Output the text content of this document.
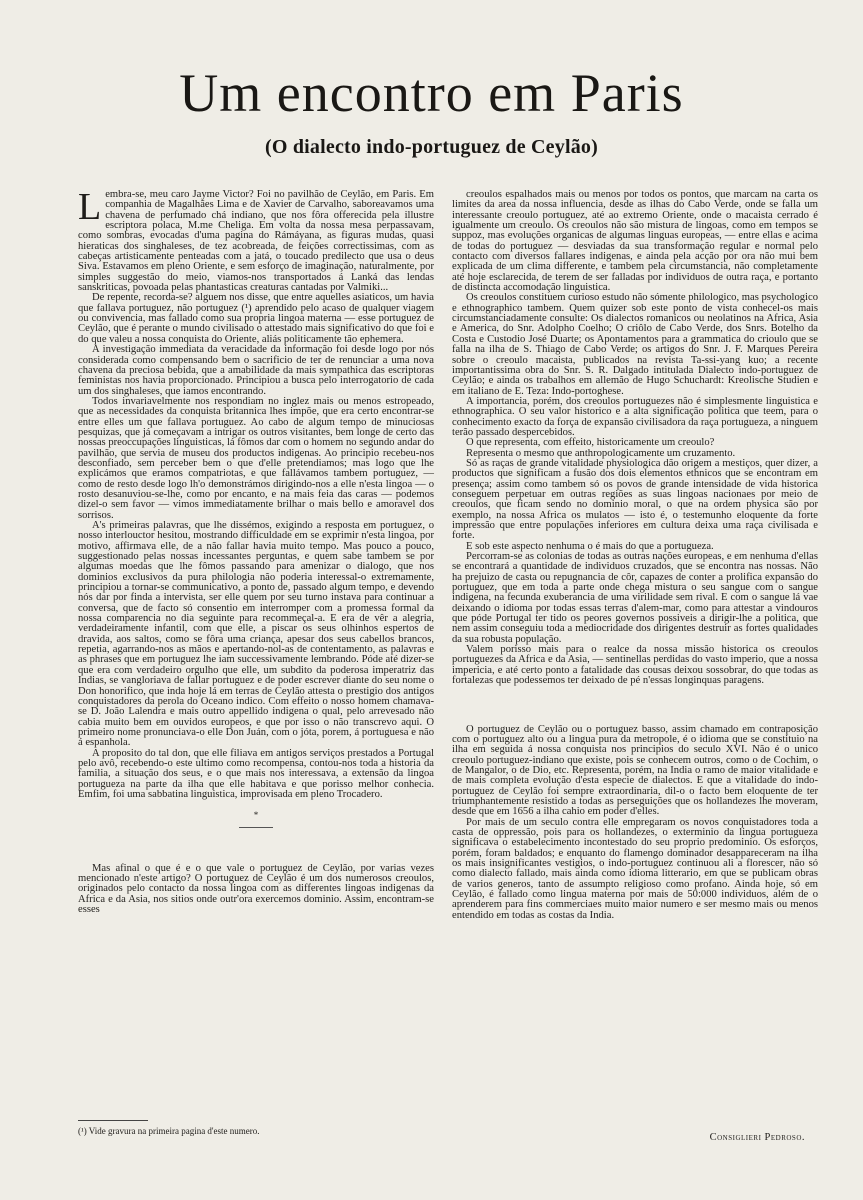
Um encontro em Paris
(O dialecto indo-portuguez de Ceylão)

Lembra-se, meu caro Jayme Victor? Foi no pavilhão de Ceylão, em Paris. Em companhia de Magalhães Lima e de Xavier de Carvalho, saboreavamos uma chavena de perfumado chá indiano, que nos fôra offerecida pela illustre escriptora polaca, M.me Cheliga. Em volta da nossa mesa perpassavam, como sombras, evocadas d'uma pagina do Rámáyana, as figuras mudas, quasi hieraticas dos singhaleses, de tez acobreada, de feições correctissimas, com as cabeças artisticamente penteadas com a jatá, o toucado predilecto que usa o deus Siva. Estavamos em pleno Oriente, e sem esforço de imaginação, naturalmente, por simples suggestão do meio, viamos-nos transportados á Lanká das lendas sanskriticas, povoada pelas phantasticas creaturas cantadas por Valmiki...

De repente, recorda-se? alguem nos disse, que entre aquelles asiaticos, um havia que fallava portuguez, não portuguez (¹) aprendido pelo acaso de qualquer viagem ou convivencia, mas fallado como sua propria lingoa materna — esse portuguez de Ceylão, que é perante o mundo civilisado o attestado mais significativo do que foi e do que valeu a nossa conquista do Oriente, aliás politicamente tão ephemera.

A investigação immediata da veracidade da informação foi desde logo por nós considerada como compensando bem o sacrificio de ter de renunciar a uma nova chavena da preciosa bebida, que a amabilidade da mais sympathica das escriptoras feministas nos havia proporcionado. Principiou a busca pelo interrogatorio de cada um dos singhaleses, que iamos encontrando.

Todos invariavelmente nos respondiam no inglez mais ou menos estropeado, que as necessidades da conquista britannica lhes impõe, que era certo encontrar-se entre elles um que fallava portuguez. Ao cabo de algum tempo de minuciosas pesquizas, que já começavam a intrigar os outros visitantes, bem longe de certo das nossas preoccupações linguisticas, lá fômos dar com o homem no segundo andar do pavilhão, que servia de museu dos productos indigenas. Ao principio recebeu-nos desconfiado, sem perceber bem o que d'elle pretendiamos; mas logo que lhe explicámos que eramos compatriotas, e que fallávamos tambem portuguez, — como de resto desde logo lh'o demonstrámos dirigindo-nos a elle n'esta lingoa — o rosto desanuviou-se-lhe, como por encanto, e na mais feia das caras — podemos dizel-o sem favor — vimos immediatamente brilhar o mais bello e amoravel dos sorrisos.

A's primeiras palavras, que lhe dissémos, exigindo a resposta em portuguez, o nosso interlouctor hesitou, mostrando difficuldade em se exprimir n'esta lingoa, por motivo, affirmava elle, de a não fallar havia muito tempo. Mas pouco a pouco, suggestionado pelas nossas incessantes perguntas, e quem sabe tambem se por algumas moedas que lhe fômos passando para amenizar o dialogo, que nos dominios exclusivos da pura philologia não poderia interessal-o extremamente, principiou a tornar-se communicativo, a ponto de, passado algum tempo, e devendo nós dar por finda a intervista, ser elle quem por seu turno instava para continuar a conversa, que de facto só consentio em interromper com a promessa formal da nossa comparencia no dia seguinte para recommeçal-a. E era de vêr a alegria, verdadeiramente infantil, com que elle, a piscar os seus olhinhos espertos de dravida, aos saltos, como se fôra uma criança, apesar dos seus cabellos brancos, repetia, agarrando-nos as mãos e apertando-nol-as de contentamento, as palavras e as phrases que em portuguez lhe iam successivamente lembrando. Póde até dizer-se que era com verdadeiro orgulho que elle, um subdito da poderosa imperatriz das Indias, se vangloriava de fallar portuguez e de poder escrever diante do seu nome o Don honorifico, que inda hoje lá em terras de Ceylão attesta o prestigio dos antigos conquistadores da perola do Oceano indico. Com effeito o nosso homem chamava-se D. João Lalendra e mais outro appellido indigena o qual, pelo arrevesado não cabia muito bem em ouvidos europeos, e que por isso o não transcrevo aqui. O primeiro nome pronunciava-o elle Don Juán, com o jóta, porem, á portuguesa e não á espanhola.

A proposito do tal don, que elle filiava em antigos serviços prestados a Portugal pelo avô, recebendo-o este ultimo como recompensa, contou-nos toda a historia da familia, a situação dos seus, e o que mais nos interessava, a extensão da lingoa portugueza na parte da ilha que elle habitava e que porisso melhor conhecia. Emfim, foi uma sabbatina linguistica, improvisada em pleno Trocadero.

*

Mas afinal o que é e o que vale o portuguez de Ceylão, por varias vezes mencionado n'este artigo? O portuguez de Ceylão é um dos numerosos creoulos, originados pelo contacto da nossa lingoa com as differentes lingoas indigenas da Africa e da Asia, nos sitios onde outr'ora exercemos dominio. Assim, encontram-se esses

creoulos espalhados mais ou menos por todos os pontos, que marcam na carta os limites da area da nossa influencia, desde as ilhas do Cabo Verde, onde se falla um interessante creoulo portuguez, até ao extremo Oriente, onde o macaista cerrado é igualmente um creoulo. Os creoulos não são mistura de lingoas, como em tempos se suppoz, mas evoluções organicas de algumas linguas europeas, — entre ellas e acima de todas do portuguez — desviadas da sua transformação regular e normal pelo contacto com diversos fallares indigenas, e ainda pela acção por ora não mui bem explicada de um clima differente, e tambem pela circumstancia, não completamente até hoje esclarecida, de terem de ser falladas por individuos de outra raça, e portanto de distincta accomodação linguistica.

Os creoulos constituem curioso estudo não sómente philologico, mas psychologico e ethnographico tambem. Quem quizer sob este ponto de vista conhecel-os mais circumstanciadamente consulte: Os dialectos romanicos ou neolatinos na Africa, Asia e America, do Snr. Adolpho Coelho; O criôlo de Cabo Verde, dos Snrs. Botelho da Costa e Custodio José Duarte; os Apontamentos para a grammatica do crioulo que se falla na ilha de S. Thiago de Cabo Verde; os artigos do Snr. J. F. Marques Pereira sobre o creoulo macaista, publicados na revista Ta-ssi-yang kuo; a recente importantissima obra do Snr. S. R. Dalgado intitulada Dialecto indo-portuguez de Ceylão; e ainda os trabalhos em allemão de Hugo Schuchardt: Kreolische Studien e em italiano de E. Teza: Indo-portoghese.

A importancia, porém, dos creoulos portuguezes não é simplesmente linguistica e ethnographica. O seu valor historico e a alta significação politica que teem, para o conhecimento exacto da força de expansão civilisadora da raça portugueza, a ninguem terão passado despercebidos.

O que representa, com effeito, historicamente um creoulo?

Representa o mesmo que anthropologicamente um cruzamento.

Só as raças de grande vitalidade physiologica dão origem a mestiços, quer dizer, a productos que significam a fusão dos dois elementos ethnicos que se encontram em presença; assim como tambem só os povos de grande intensidade de vida historica conseguem perpetuar em outras regiões as suas lingoas nacionaes por meio de creoulos, que ficam sendo no dominio moral, o que na ordem physica são por exemplo, na nossa Africa os mulatos — isto é, o testemunho eloquente da forte impressão que entre populações inferiores em cultura deixa uma raça civilisada e forte.

E sob este aspecto nenhuma o é mais do que a portugueza.

Percorram-se as colonias de todas as outras nações europeas, e em nenhuma d'ellas se encontrará a quantidade de individuos cruzados, que se encontra nas nossas. Não ha prejuizo de casta ou repugnancia de côr, capazes de conter a prolifica expansão do portuguez, que em toda a parte onde chega mistura o seu sangue com o sangue indigena, na fecunda exuberancia de uma virilidade sem rival. E com o sangue lá vae deixando o idioma por todas essas terras d'alem-mar, como para attestar a vindouros que póde Portugal ter tido os peores governos possiveis a dirigir-lhe a politica, que nem assim conseguiu toda a mediocridade dos dirigentes destruir as fortes qualidades da sua robusta população.

Valem porisso mais para o realce da nossa missão historica os creoulos portuguezes da Africa e da Asia, — sentinellas perdidas do vasto imperio, que a nossa impericia, e até certo ponto a fatalidade das cousas deixou sossobrar, do que todas as fortalezas que podessemos ter deixado de pé n'essas longinquas paragens.

O portuguez de Ceylão ou o portuguez basso, assim chamado em contraposição com o portuguez alto ou a lingua pura da metropole, é o idioma que se constituio na ilha em seguida á nossa conquista nos principios do seculo XVI. Não é o unico creoulo portuguez-indiano que existe, pois se conhecem outros, como o de Cochim, o de Mangalor, o de Dio, etc. Representa, porém, na India o ramo de maior vitalidade e de mais completa evolução d'esta especie de dialectos. E que a vitalidade do indo-portuguez de Ceylão foi sempre extraordinaria, dil-o o facto bem eloquente de ter triumphantemente resistido a todas as perseguições que os hollandezes lhe moveram, desde que em 1656 a ilha cahio em poder d'elles.

Por mais de um seculo contra elle empregaram os novos conquistadores toda a casta de oppressão, pois para os hollandezes, o exterminio da lingua portugueza significava o estabelecimento incontestado do seu proprio predominio. Os esforços, porém, foram baldados; e enquanto do flamengo dominador desappareceram na ilha os mais insignificantes vestigios, o indo-portuguez continuou ali a florescer, não só como dialecto fallado, mais ainda como idioma litterario, em que se publicam obras de varios generos, tanto de assumpto religioso como profano. Ainda hoje, só em Ceylão, é fallado como lingua materna por mais de 50:000 individuos, além de o aprenderem para fins commerciaes muito maior numero e ser mesmo mais ou menos entendido em todas as costas da India.

(¹) Vide gravura na primeira pagina d'este numero.
Consiglieri Pedroso.
